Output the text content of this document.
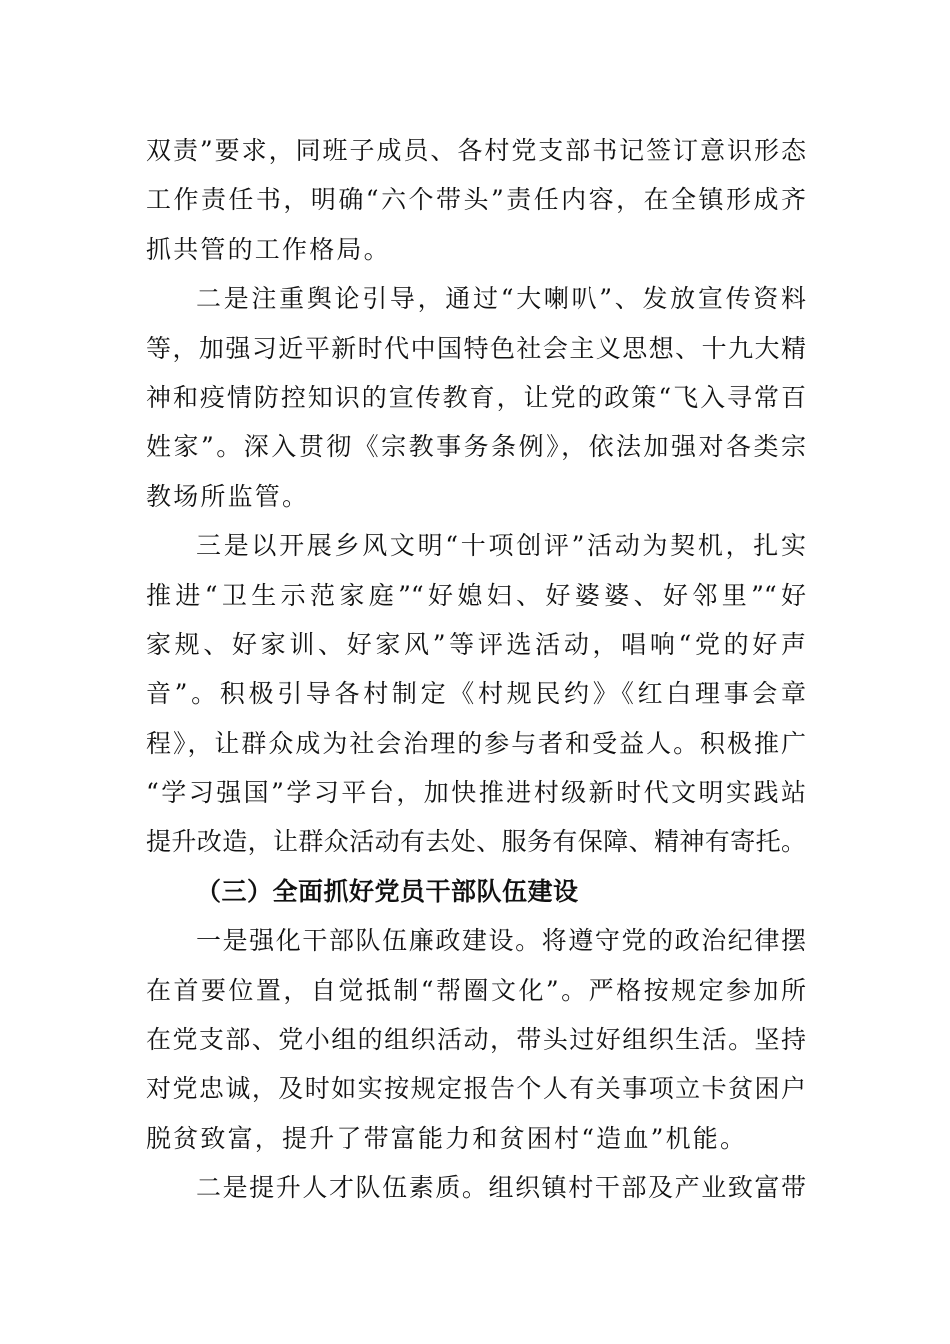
双责”要求，同班子成员、各村党支部书记签订意识形态
工作责任书，明确“六个带头”责任内容，在全镇形成齐
抓共管的工作格局。
二是注重舆论引导，通过“大喇叭”、发放宣传资料
等，加强习近平新时代中国特色社会主义思想、十九大精
神和疫情防控知识的宣传教育，让党的政策“飞入寻常百
姓家”。深入贯彻《宗教事务条例》，依法加强对各类宗
教场所监管。
三是以开展乡风文明“十项创评”活动为契机，扎实
推进“卫生示范家庭”“好媳妇、好婆婆、好邻里”“好
家规、好家训、好家风”等评选活动，唱响“党的好声
音”。积极引导各村制定《村规民约》《红白理事会章
程》，让群众成为社会治理的参与者和受益人。积极推广
“学习强国”学习平台，加快推进村级新时代文明实践站
提升改造，让群众活动有去处、服务有保障、精神有寄托。
（三）全面抓好党员干部队伍建设
一是强化干部队伍廉政建设。将遵守党的政治纪律摆
在首要位置，自觉抵制“帮圈文化”。严格按规定参加所
在党支部、党小组的组织活动，带头过好组织生活。坚持
对党忠诚，及时如实按规定报告个人有关事项立卡贫困户
脱贫致富，提升了带富能力和贫困村“造血”机能。
二是提升人才队伍素质。组织镇村干部及产业致富带
